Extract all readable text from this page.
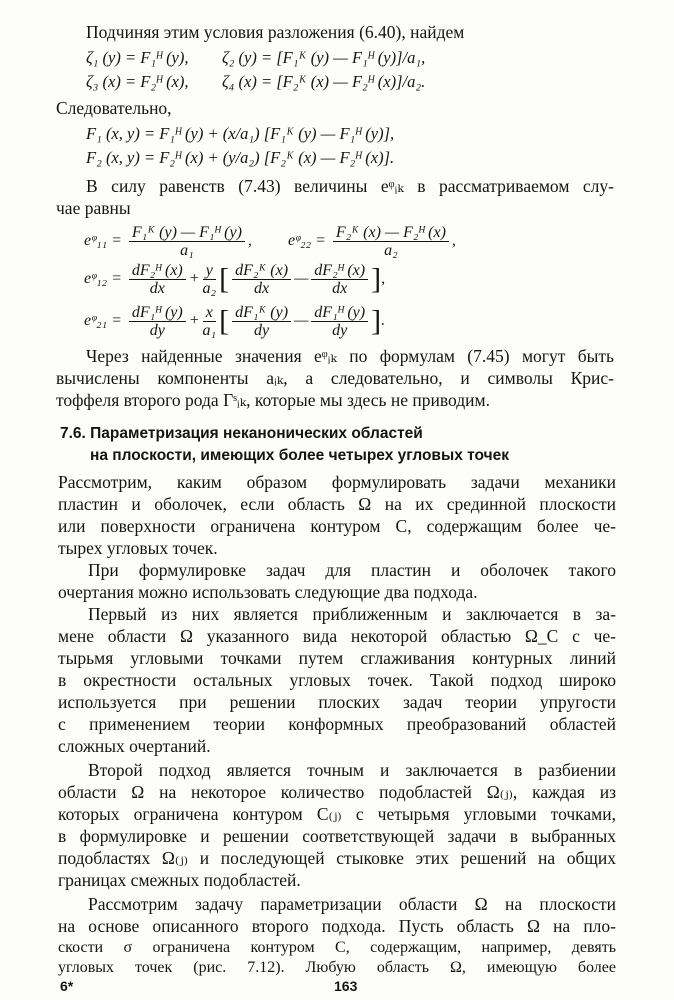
Подчиняя этим условия разложения (6.40), найдем
ζ₁ (y) = F₁ᴴ (y), ζ₂ (y) = [F₁ᴷ (y) — F₁ᴴ (y)]/a₁,
ζ₃ (x) = F₂ᴴ (x), ζ₄ (x) = [F₂ᴷ (x) — F₂ᴴ (x)]/a₂.
Следовательно,
F₁ (x, y) = F₁ᴴ (y) + (x/a₁) [F₁ᴷ (y) — F₁ᴴ (y)],
F₂ (x, y) = F₂ᴴ (x) + (y/a₂) [F₂ᴷ (x) — F₂ᴴ (x)].
В силу равенств (7.43) величины eᵠᵢₖ в рассматриваемом слу-
чае равны
eᵠ₁₁ = $\frac{\text{F₁ᴷ (y) — F₁ᴴ (y)}}{\text{a₁}}$ , eᵠ₂₂ = $\frac{\text{F₂ᴷ (x) — F₂ᴴ (x)}}{\text{a₂}}$ ,
eᵠ₁₂ = $\frac{\text{dF₂ᴴ (x)}}{dx} + \frac{y}{\text{a₂}}$ [ $\frac{\text{dF₂ᴷ (x)}}{dx}$ — $\frac{\text{dF₂ᴴ (x)}}{dx}$ ],
eᵠ₂₁ = $\frac{\text{dF₁ᴴ (y)}}{dy} + \frac{x}{\text{a₁}}$ [ $\frac{\text{dF₁ᴷ (y)}}{dy}$ — $\frac{\text{dF₁ᴴ (y)}}{dy}$ ].
Через найденные значения eᵠᵢₖ по формулам (7.45) могут быть
вычислены компоненты aᵢₖ, а следовательно, и символы Крис-
тоффеля второго рода Γˢᵢₖ, которые мы здесь не приводим.
7.6. Параметризация неканонических областей
на плоскости, имеющих более четырех угловых точек
Рассмотрим, каким образом формулировать задачи механики
пластин и оболочек, если область Ω на их срединной плоскости
или поверхности ограничена контуром C, содержащим более че-
тырех угловых точек.
При формулировке задач для пластин и оболочек такого
очертания можно использовать следующие два подхода.
Первый из них является приближенным и заключается в за-
мене области Ω указанного вида некоторой областью Ω_C с че-
тырьмя угловыми точками путем сглаживания контурных линий
в окрестности остальных угловых точек. Такой подход широко
используется при решении плоских задач теории упругости
с применением теории конформных преобразований областей
сложных очертаний.
Второй подход является точным и заключается в разбиении
области Ω на некоторое количество подобластей Ω₍ⱼ₎, каждая из
которых ограничена контуром C₍ⱼ₎ с четырьмя угловыми точками,
в формулировке и решении соответствующей задачи в выбранных
подобластях Ω₍ⱼ₎ и последующей стыковке этих решений на общих
границах смежных подобластей.
Рассмотрим задачу параметризации области Ω на плоскости
на основе описанного второго подхода. Пусть область Ω на пло-
скости σ ограничена контуром C, содержащим, например, девять
угловых точек (рис. 7.12). Любую область Ω, имеющую более
6*	163
